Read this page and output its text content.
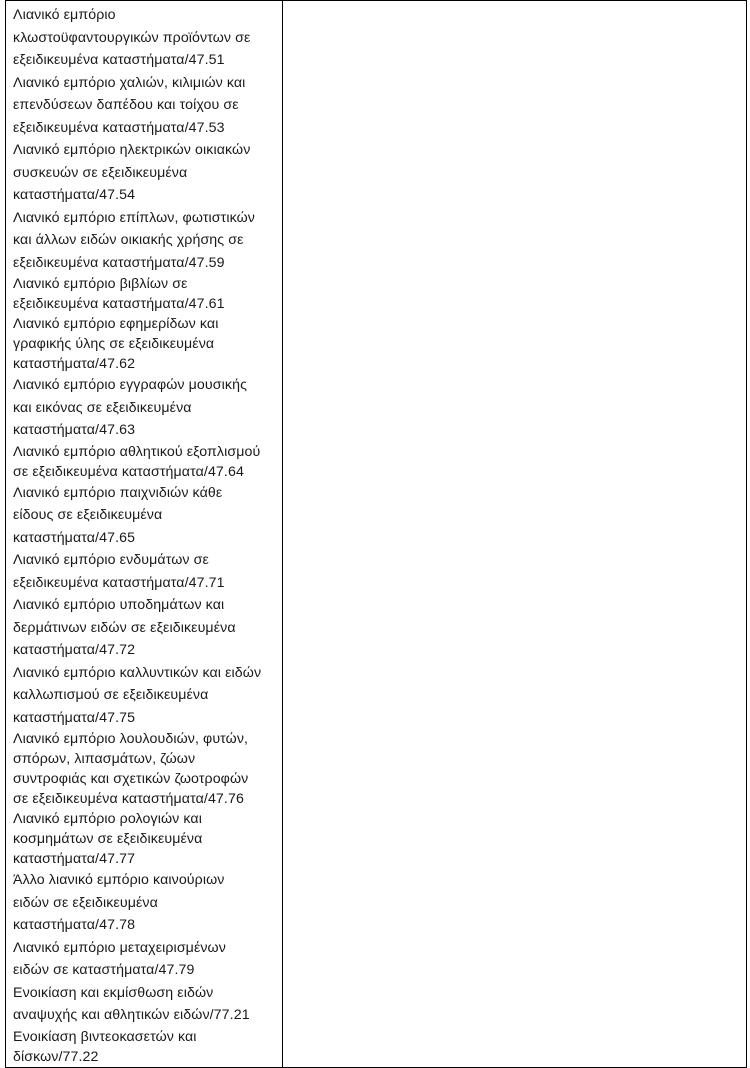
Λιανικό εμπόριο
κλωστοϋφαντουργικών προϊόντων σε
εξειδικευμένα καταστήματα/47.51
Λιανικό εμπόριο χαλιών, κιλιμιών και
επενδύσεων δαπέδου και τοίχου σε
εξειδικευμένα καταστήματα/47.53
Λιανικό εμπόριο ηλεκτρικών οικιακών
συσκευών σε εξειδικευμένα
καταστήματα/47.54
Λιανικό εμπόριο επίπλων, φωτιστικών
και άλλων ειδών οικιακής χρήσης σε
εξειδικευμένα καταστήματα/47.59
Λιανικό εμπόριο βιβλίων σε
εξειδικευμένα καταστήματα/47.61
Λιανικό εμπόριο εφημερίδων και
γραφικής ύλης σε εξειδικευμένα
καταστήματα/47.62
Λιανικό εμπόριο εγγραφών μουσικής
και εικόνας σε εξειδικευμένα
καταστήματα/47.63
Λιανικό εμπόριο αθλητικού εξοπλισμού
σε εξειδικευμένα καταστήματα/47.64
Λιανικό εμπόριο παιχνιδιών κάθε
είδους σε εξειδικευμένα
καταστήματα/47.65
Λιανικό εμπόριο ενδυμάτων σε
εξειδικευμένα καταστήματα/47.71
Λιανικό εμπόριο υποδημάτων και
δερμάτινων ειδών σε εξειδικευμένα
καταστήματα/47.72
Λιανικό εμπόριο καλλυντικών και ειδών
καλλωπισμού σε εξειδικευμένα
καταστήματα/47.75
Λιανικό εμπόριο λουλουδιών, φυτών,
σπόρων, λιπασμάτων, ζώων
συντροφιάς και σχετικών ζωοτροφών
σε εξειδικευμένα καταστήματα/47.76
Λιανικό εμπόριο ρολογιών και
κοσμημάτων σε εξειδικευμένα
καταστήματα/47.77
Άλλο λιανικό εμπόριο καινούριων
ειδών σε εξειδικευμένα
καταστήματα/47.78
Λιανικό εμπόριο μεταχειρισμένων
ειδών σε καταστήματα/47.79
Ενοικίαση και εκμίσθωση ειδών
αναψυχής και αθλητικών ειδών/77.21
Ενοικίαση βιντεοκασετών και
δίσκων/77.22
